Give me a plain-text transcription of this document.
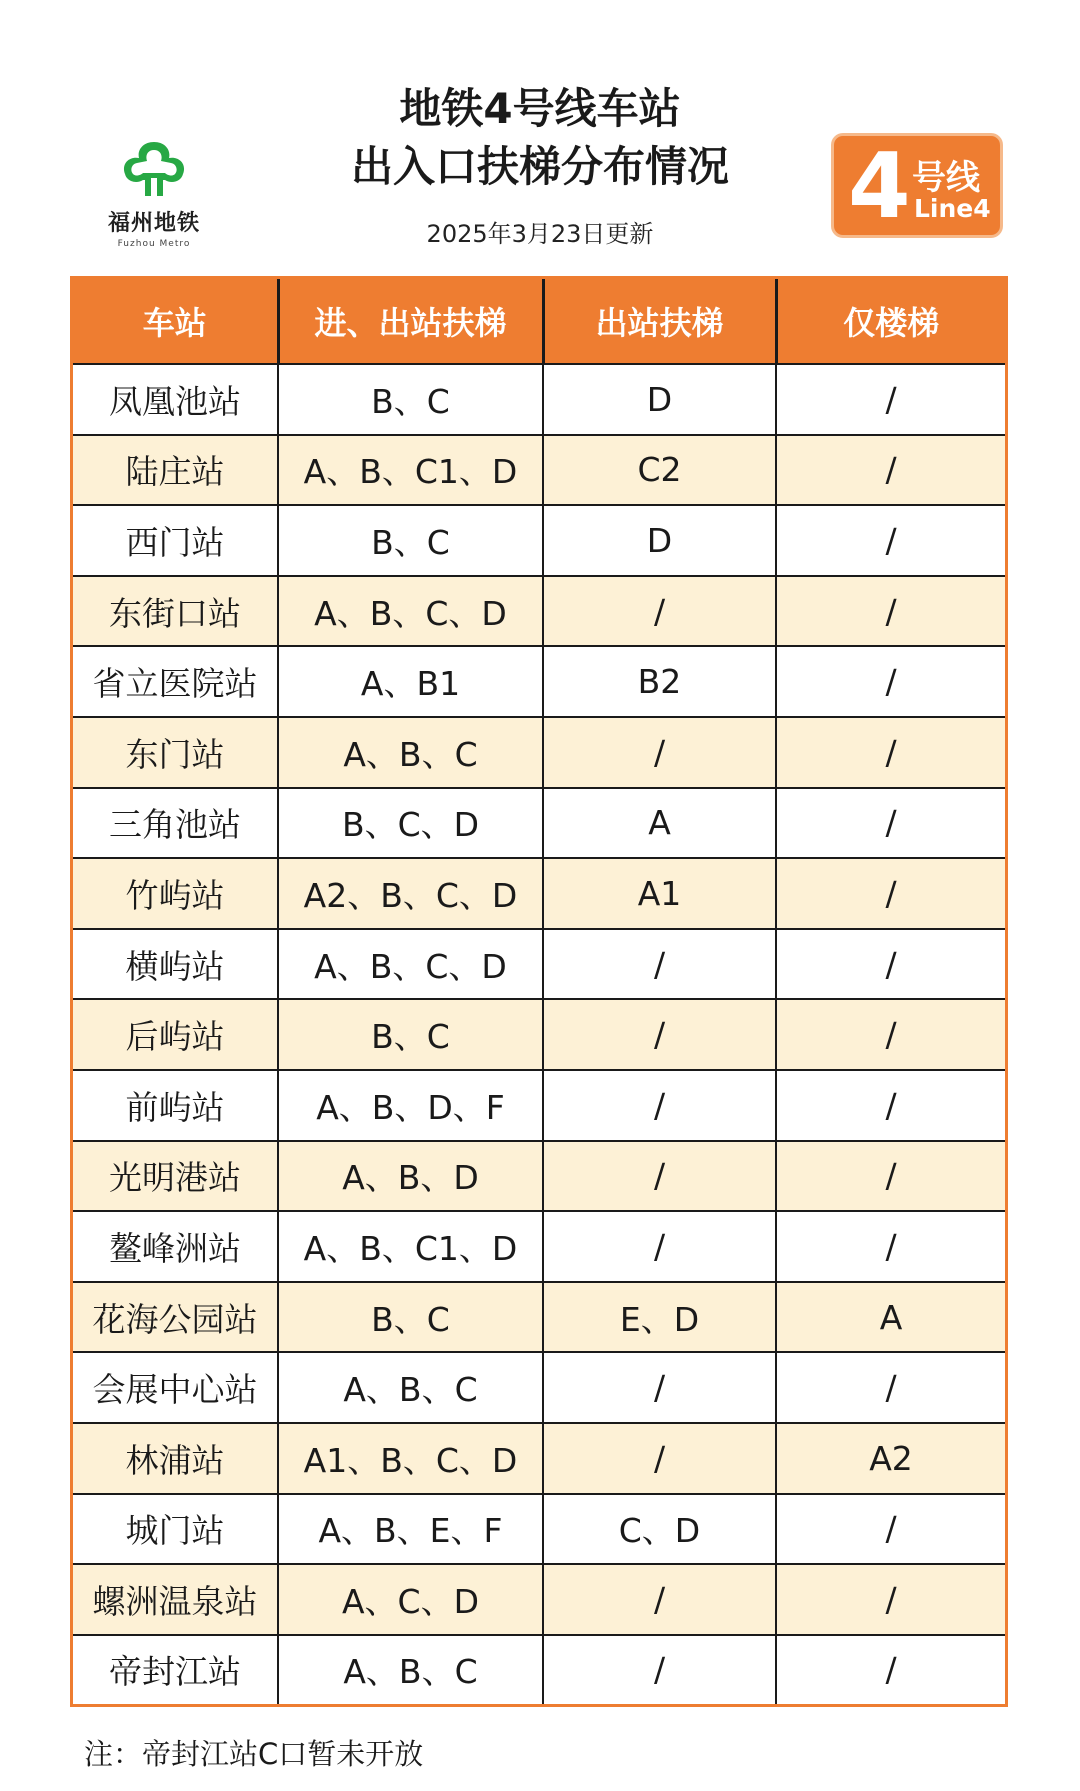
福州地铁
Fuzhou Metro
地铁4号线车站
出入口扶梯分布情况
2025年3月23日更新	4 号线
Line4
车站	进、出站扶梯	出站扶梯	仅楼梯
凤凰池站	B、C	D	/
陆庄站	A、B、C1、D	C2	/
西门站	B、C	D	/
东街口站	A、B、C、D	/	/
省立医院站	A、B1	B2	/
东门站	A、B、C	/	/
三角池站	B、C、D	A	/
竹屿站	A2、B、C、D	A1	/
横屿站	A、B、C、D	/	/
后屿站	B、C	/	/
前屿站	A、B、D、F	/	/
光明港站	A、B、D	/	/
鳌峰洲站	A、B、C1、D	/	/
花海公园站	B、C	E、D	A
会展中心站	A、B、C	/	/
林浦站	A1、B、C、D	/	A2
城门站	A、B、E、F	C、D	/
螺洲温泉站	A、C、D	/	/
帝封江站	A、B、C	/	/
注：帝封江站C口暂未开放
